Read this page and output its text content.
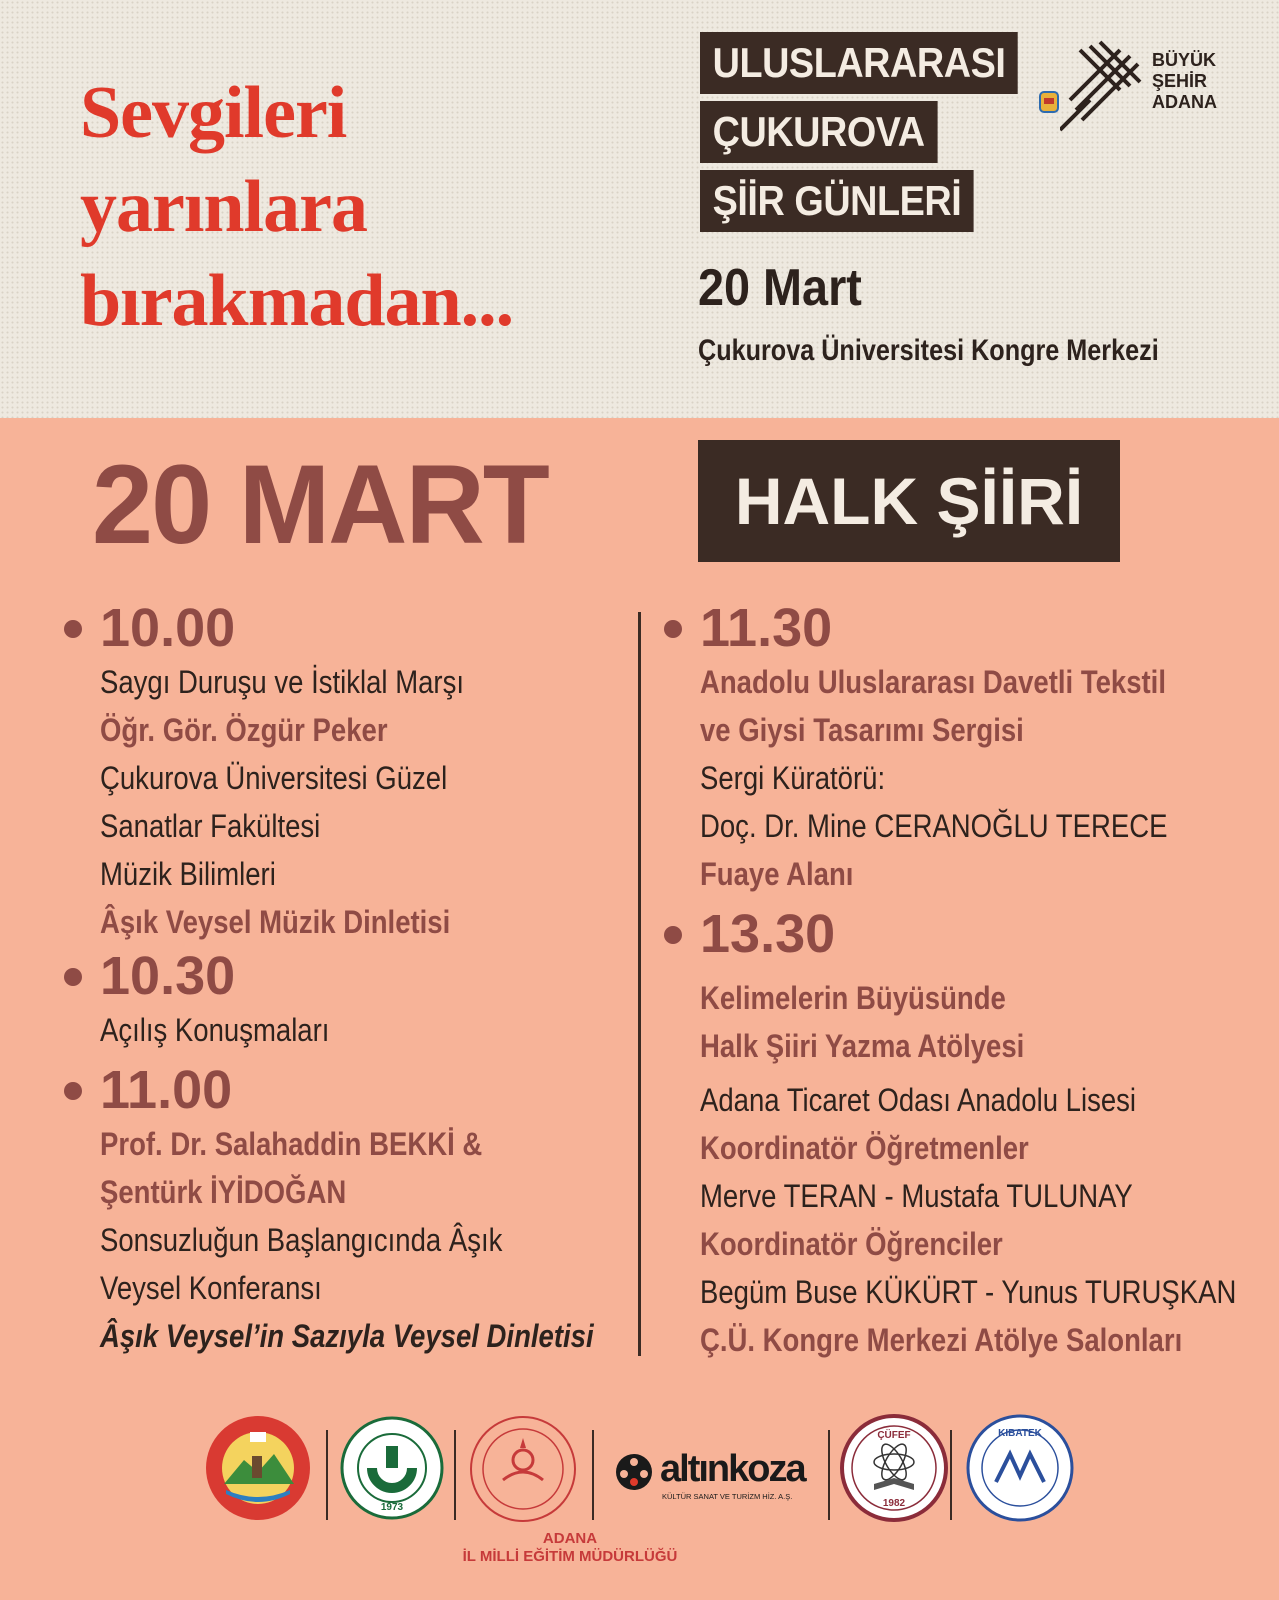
Sevgileri
yarınlara
bırakmadan...
ULUSLARARASI
ÇUKUROVA
ŞİİR GÜNLERİ
20 Mart
Çukurova Üniversitesi Kongre Merkezi
BÜYÜK
ŞEHİR
ADANA
20 MART	HALK ŞİİRİ
10.00
Saygı Duruşu ve İstiklal Marşı
Öğr. Gör. Özgür Peker
Çukurova Üniversitesi Güzel
Sanatlar Fakültesi
Müzik Bilimleri
Âşık Veysel Müzik Dinletisi
10.30
Açılış Konuşmaları
11.00
Prof. Dr. Salahaddin BEKKİ &
Şentürk İYİDOĞAN
Sonsuzluğun Başlangıcında Âşık
Veysel Konferansı
Âşık Veysel’in Sazıyla Veysel Dinletisi
11.30
Anadolu Uluslararası Davetli Tekstil
ve Giysi Tasarımı Sergisi
Sergi Küratörü:
Doç. Dr. Mine CERANOĞLU TERECE
Fuaye Alanı
13.30
Kelimelerin Büyüsünde
Halk Şiiri Yazma Atölyesi
Adana Ticaret Odası Anadolu Lisesi
Koordinatör Öğretmenler
Merve TERAN - Mustafa TULUNAY
Koordinatör Öğrenciler
Begüm Buse KÜKÜRT - Yunus TURUŞKAN
Ç.Ü. Kongre Merkezi Atölye Salonları
1973
ADANA
İL MİLLİ EĞİTİM MÜDÜRLÜĞÜ
altınkoza
KÜLTÜR SANAT VE TURİZM HİZ. A.Ş.
ÇÜFEF
1982
KIBATEK
